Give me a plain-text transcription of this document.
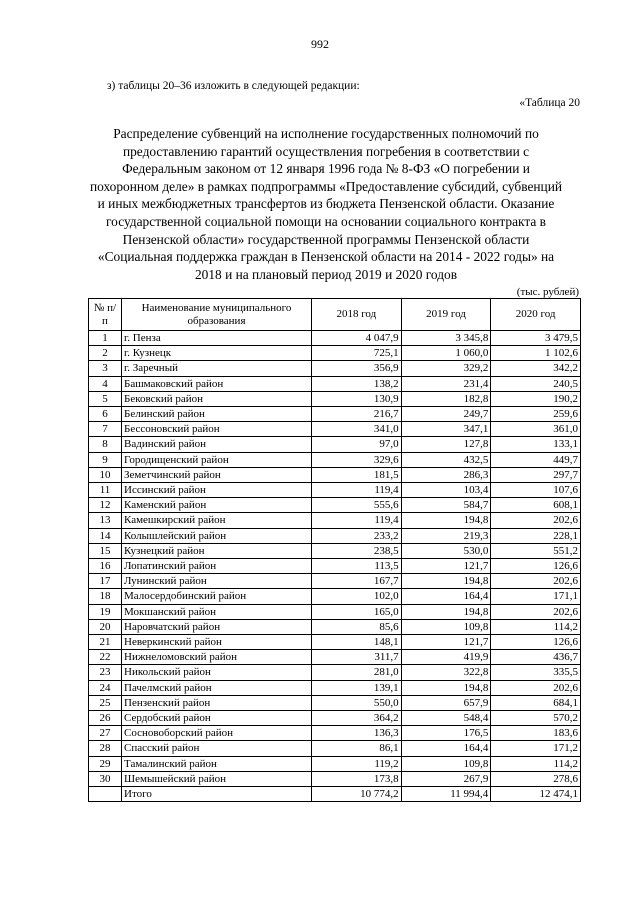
992
з) таблицы 20–36 изложить в следующей редакции:
«Таблица 20
Распределение субвенций на исполнение государственных полномочий по предоставлению гарантий осуществления погребения в соответствии с Федеральным законом от 12 января 1996 года № 8-ФЗ «О погребении и похоронном деле» в рамках подпрограммы «Предоставление субсидий, субвенций и иных межбюджетных трансфертов из бюджета Пензенской области. Оказание государственной социальной помощи на основании социального контракта в Пензенской области» государственной программы Пензенской области «Социальная поддержка граждан в Пензенской области на 2014 - 2022 годы» на 2018 и на плановый период 2019 и 2020 годов
(тыс. рублей)
№ п/п	Наименование муниципального образования	2018 год	2019 год	2020 год
1	г. Пенза	4 047,9	3 345,8	3 479,5
2	г. Кузнецк	725,1	1 060,0	1 102,6
3	г. Заречный	356,9	329,2	342,2
4	Башмаковский район	138,2	231,4	240,5
5	Бековский район	130,9	182,8	190,2
6	Белинский район	216,7	249,7	259,6
7	Бессоновский район	341,0	347,1	361,0
8	Вадинский район	97,0	127,8	133,1
9	Городищенский район	329,6	432,5	449,7
10	Земетчинский район	181,5	286,3	297,7
11	Иссинский район	119,4	103,4	107,6
12	Каменский район	555,6	584,7	608,1
13	Камешкирский район	119,4	194,8	202,6
14	Колышлейский район	233,2	219,3	228,1
15	Кузнецкий район	238,5	530,0	551,2
16	Лопатинский район	113,5	121,7	126,6
17	Лунинский район	167,7	194,8	202,6
18	Малосердобинский район	102,0	164,4	171,1
19	Мокшанский район	165,0	194,8	202,6
20	Наровчатский район	85,6	109,8	114,2
21	Неверкинский район	148,1	121,7	126,6
22	Нижнеломовский район	311,7	419,9	436,7
23	Никольский район	281,0	322,8	335,5
24	Пачелмский район	139,1	194,8	202,6
25	Пензенский район	550,0	657,9	684,1
26	Сердобский район	364,2	548,4	570,2
27	Сосновоборский район	136,3	176,5	183,6
28	Спасский район	86,1	164,4	171,2
29	Тамалинский район	119,2	109,8	114,2
30	Шемышейский район	173,8	267,9	278,6
	Итого	10 774,2	11 994,4	12 474,1
